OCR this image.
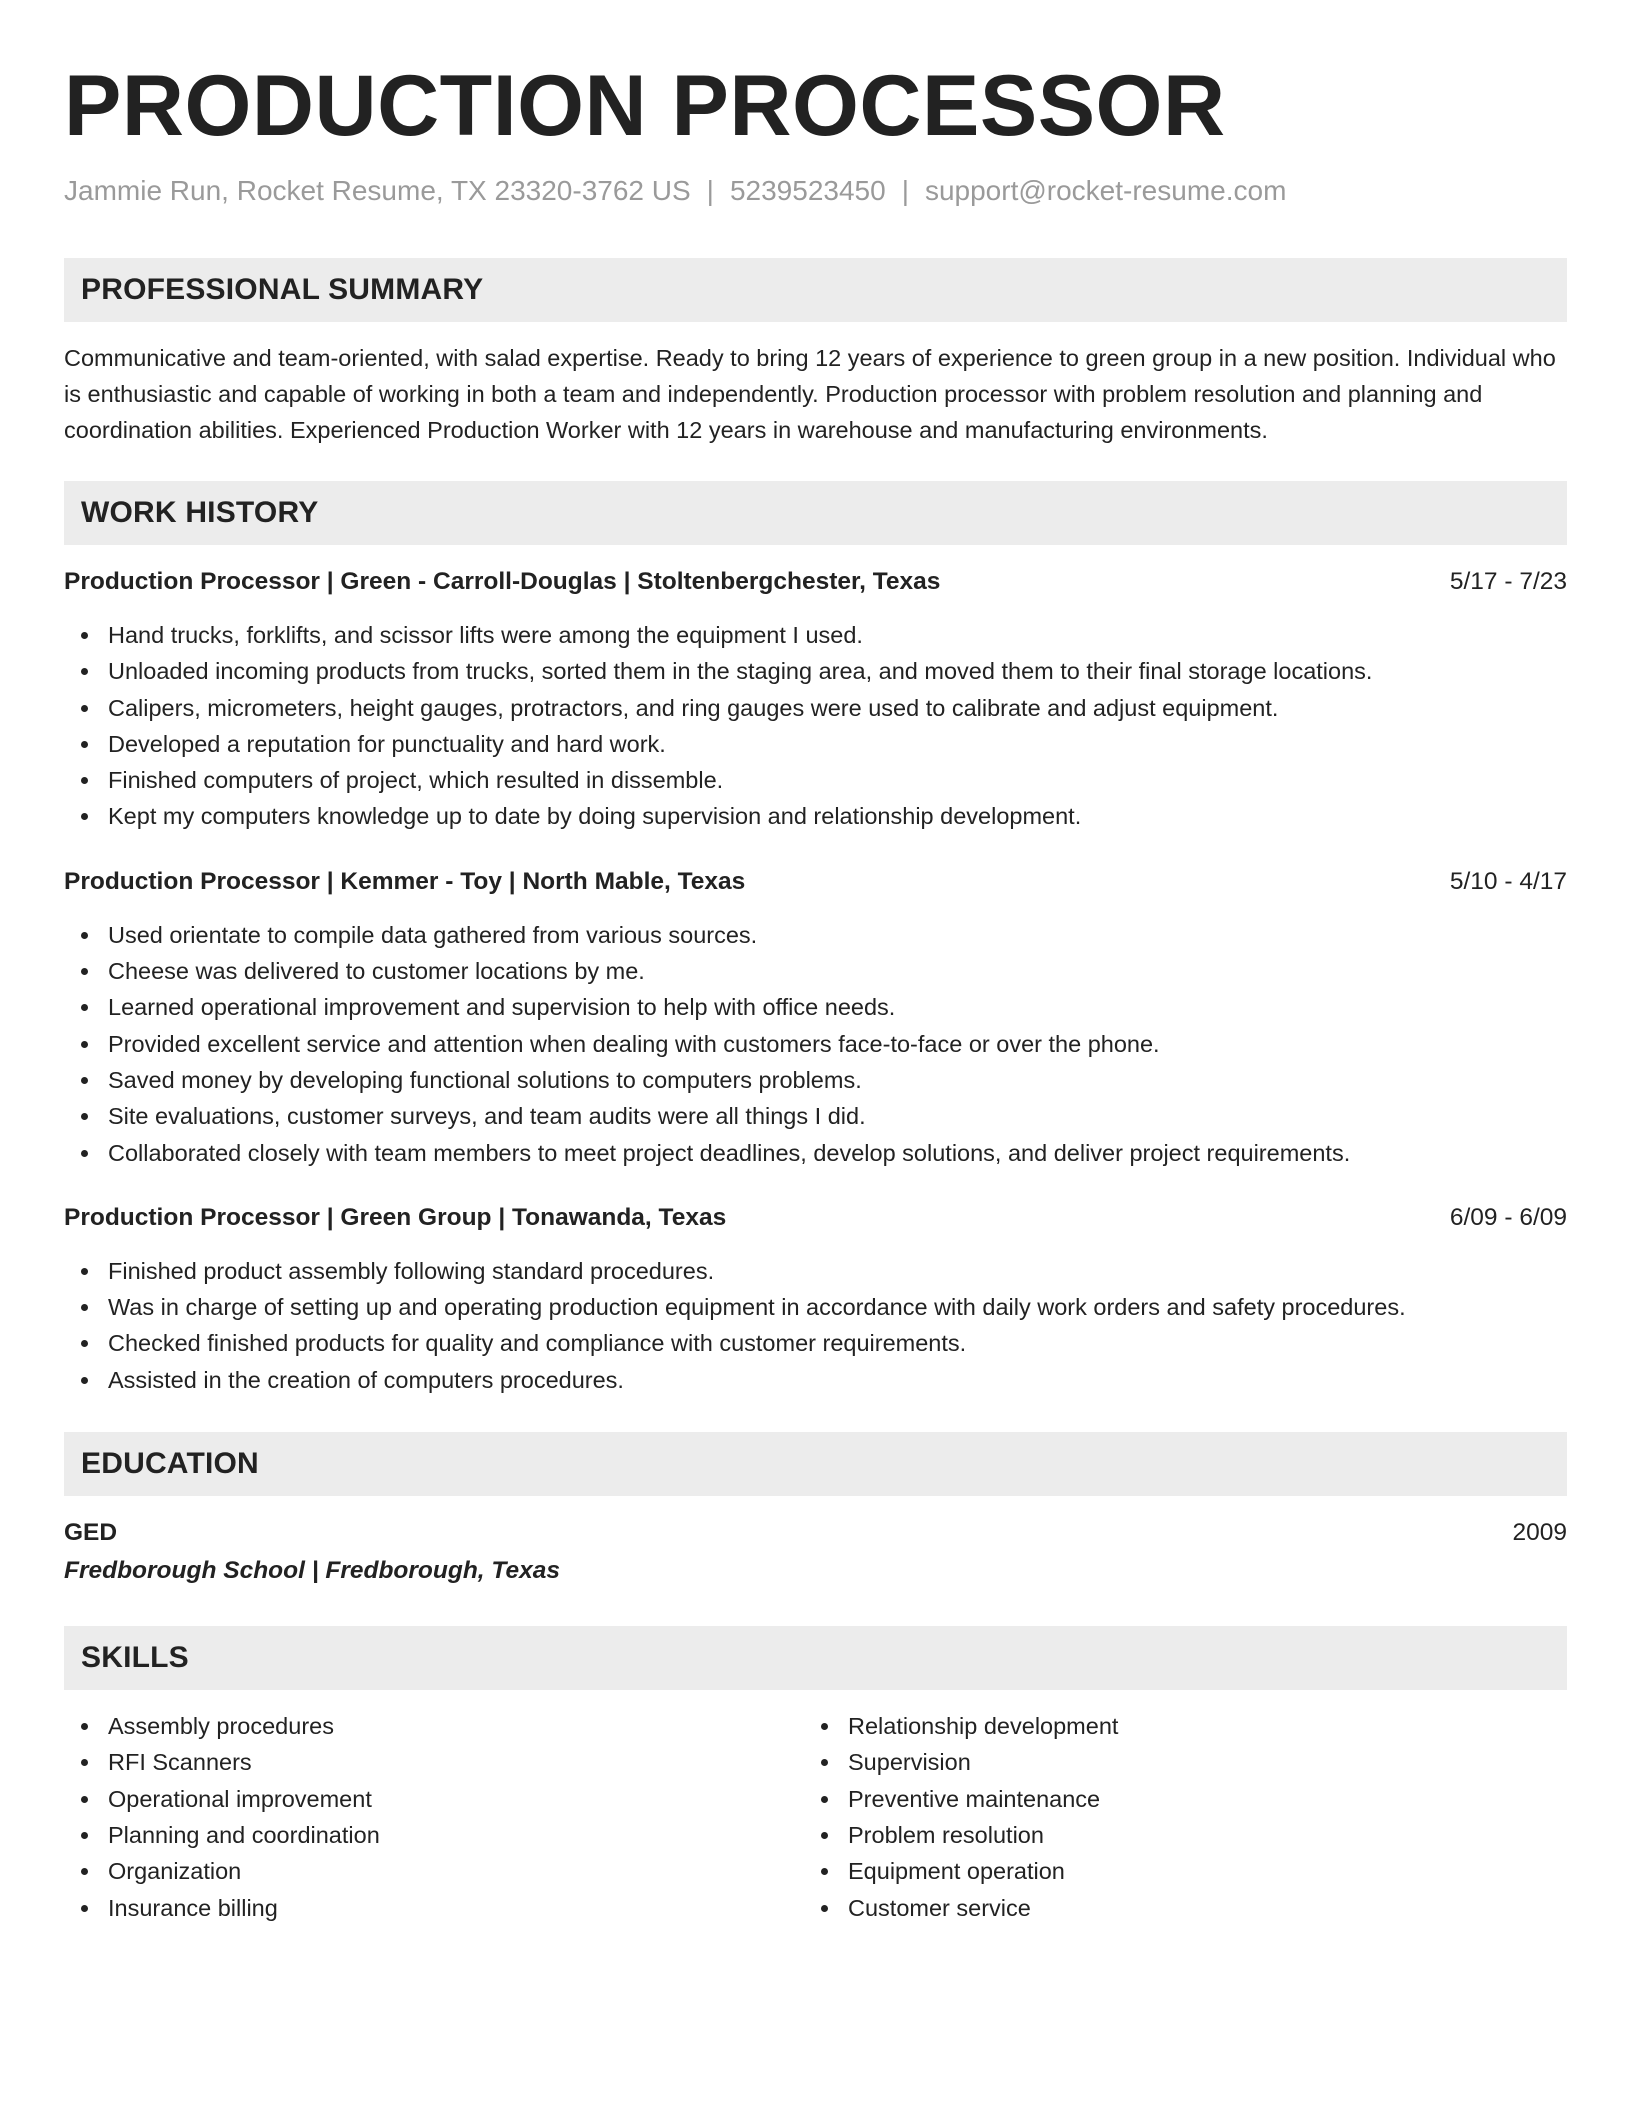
PRODUCTION PROCESSOR
Jammie Run, Rocket Resume, TX 23320-3762 US | 5239523450 | support@rocket-resume.com
PROFESSIONAL SUMMARY

Communicative and team-oriented, with salad expertise. Ready to bring 12 years of experience to green group in a new position. Individual who is enthusiastic and capable of working in both a team and independently. Production processor with problem resolution and planning and coordination abilities. Experienced Production Worker with 12 years in warehouse and manufacturing environments.

WORK HISTORY
Production Processor | Green - Carroll-Douglas | Stoltenbergchester, Texas	5/17 - 7/23
Hand trucks, forklifts, and scissor lifts were among the equipment I used.
Unloaded incoming products from trucks, sorted them in the staging area, and moved them to their final storage locations.
Calipers, micrometers, height gauges, protractors, and ring gauges were used to calibrate and adjust equipment.
Developed a reputation for punctuality and hard work.
Finished computers of project, which resulted in dissemble.
Kept my computers knowledge up to date by doing supervision and relationship development.
Production Processor | Kemmer - Toy | North Mable, Texas	5/10 - 4/17
Used orientate to compile data gathered from various sources.
Cheese was delivered to customer locations by me.
Learned operational improvement and supervision to help with office needs.
Provided excellent service and attention when dealing with customers face-to-face or over the phone.
Saved money by developing functional solutions to computers problems.
Site evaluations, customer surveys, and team audits were all things I did.
Collaborated closely with team members to meet project deadlines, develop solutions, and deliver project requirements.
Production Processor | Green Group | Tonawanda, Texas	6/09 - 6/09
Finished product assembly following standard procedures.
Was in charge of setting up and operating production equipment in accordance with daily work orders and safety procedures.
Checked finished products for quality and compliance with customer requirements.
Assisted in the creation of computers procedures.
EDUCATION
GED	2009
Fredborough School | Fredborough, Texas
SKILLS
Assembly procedures
RFI Scanners
Operational improvement
Planning and coordination
Organization
Insurance billing
Relationship development
Supervision
Preventive maintenance
Problem resolution
Equipment operation
Customer service
